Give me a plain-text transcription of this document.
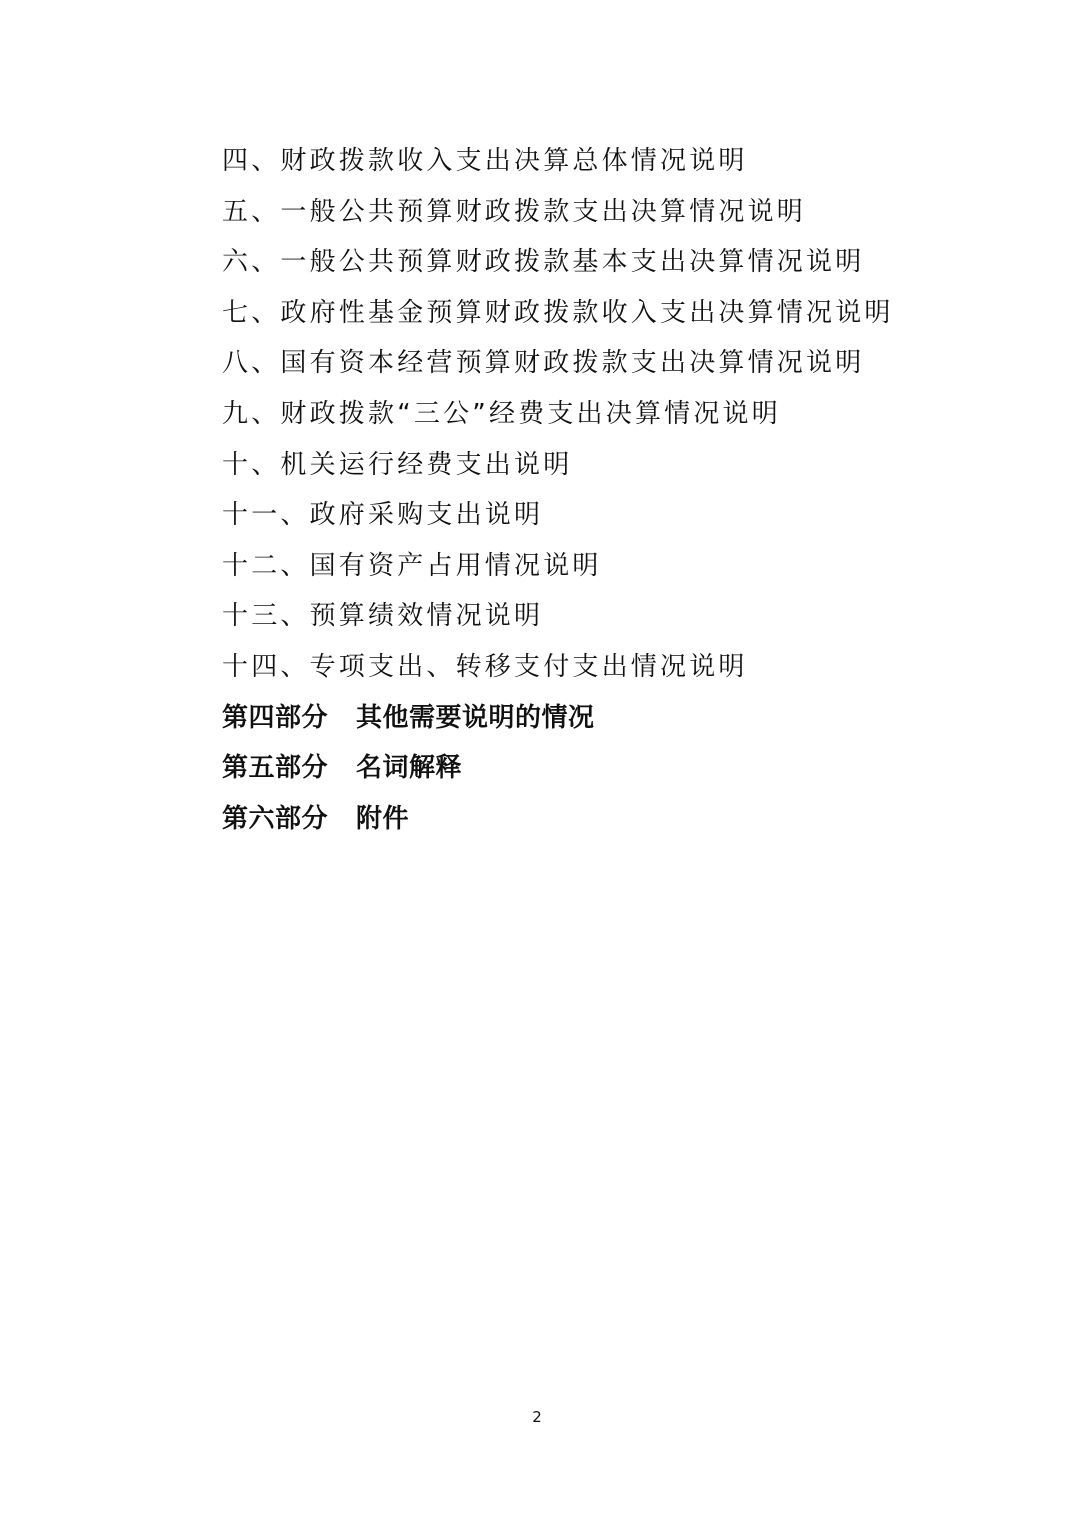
四、财政拨款收入支出决算总体情况说明
五、一般公共预算财政拨款支出决算情况说明
六、一般公共预算财政拨款基本支出决算情况说明
七、政府性基金预算财政拨款收入支出决算情况说明
八、国有资本经营预算财政拨款支出决算情况说明
九、财政拨款“三公”经费支出决算情况说明
十、机关运行经费支出说明
十一、政府采购支出说明
十二、国有资产占用情况说明
十三、预算绩效情况说明
十四、专项支出、转移支付支出情况说明
第四部分 其他需要说明的情况
第五部分 名词解释
第六部分 附件
2
